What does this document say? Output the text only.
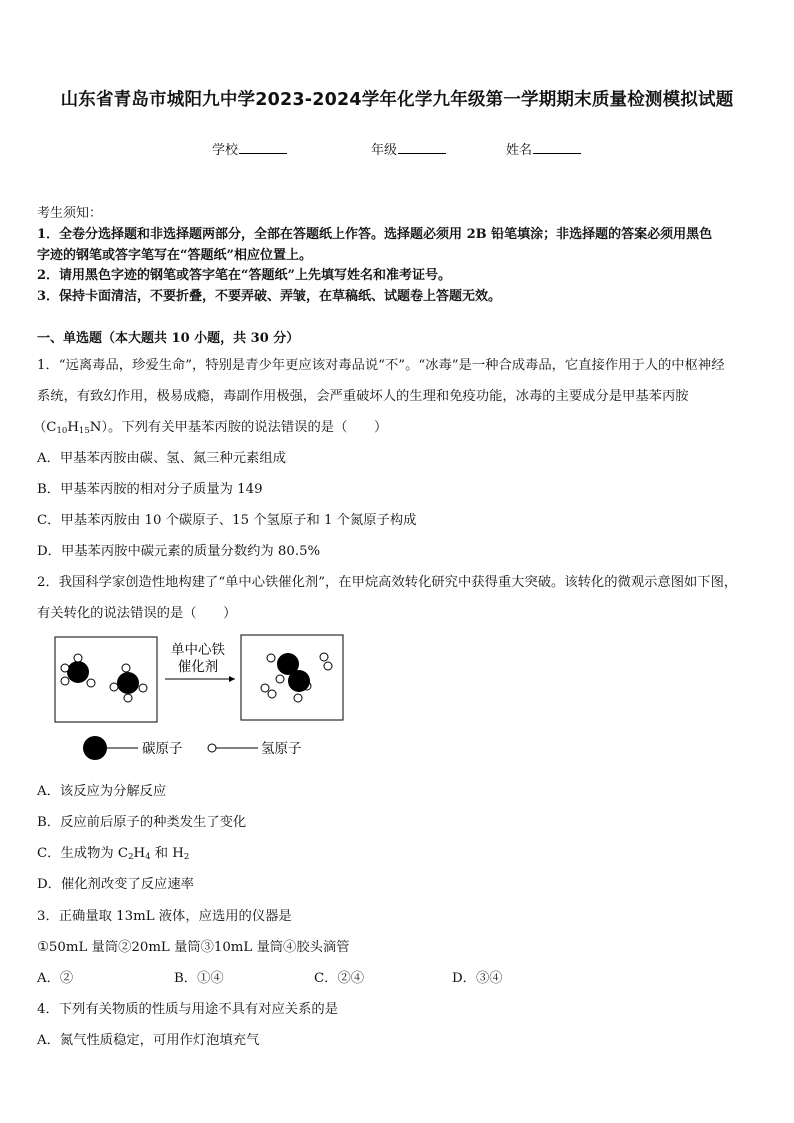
山东省青岛市城阳九中学2023-2024学年化学九年级第一学期期末质量检测模拟试题
学校	年级	姓名
考生须知：
1．全卷分选择题和非选择题两部分，全部在答题纸上作答。选择题必须用 2B 铅笔填涂；非选择题的答案必须用黑色
字迹的钢笔或答字笔写在“答题纸”相应位置上。
2．请用黑色字迹的钢笔或答字笔在“答题纸”上先填写姓名和准考证号。
3．保持卡面清洁，不要折叠，不要弄破、弄皱，在草稿纸、试题卷上答题无效。
一、单选题（本大题共 10 小题，共 30 分）
1．“远离毒品，珍爱生命”，特别是青少年更应该对毒品说“不”。“冰毒”是一种合成毒品，它直接作用于人的中枢神经
系统，有致幻作用，极易成瘾，毒副作用极强，会严重破坏人的生理和免疫功能，冰毒的主要成分是甲基苯丙胺
$(C_{10}H_{15}N)$。下列有关甲基苯丙胺的说法错误的是（　　）
A．甲基苯丙胺由碳、氢、氮三种元素组成
B．甲基苯丙胺的相对分子质量为 149
C．甲基苯丙胺由 10 个碳原子、15 个氢原子和 1 个氮原子构成
D．甲基苯丙胺中碳元素的质量分数约为 80.5%
2．我国科学家创造性地构建了“单中心铁催化剂”，在甲烷高效转化研究中获得重大突破。该转化的微观示意图如下图，
有关转化的说法错误的是（　　）
单中心铁
催化剂
碳原子	氢原子
A．该反应为分解反应
B．反应前后原子的种类发生了变化
C．生成物为 $C_2H_4$ 和 $H_2$
D．催化剂改变了反应速率
3．正确量取 13mL 液体，应选用的仪器是
①50mL 量筒②20mL 量筒③10mL 量筒④胶头滴管
A．②	B．①④	C．②④	D．③④
4．下列有关物质的性质与用途不具有对应关系的是
A．氮气性质稳定，可用作灯泡填充气
